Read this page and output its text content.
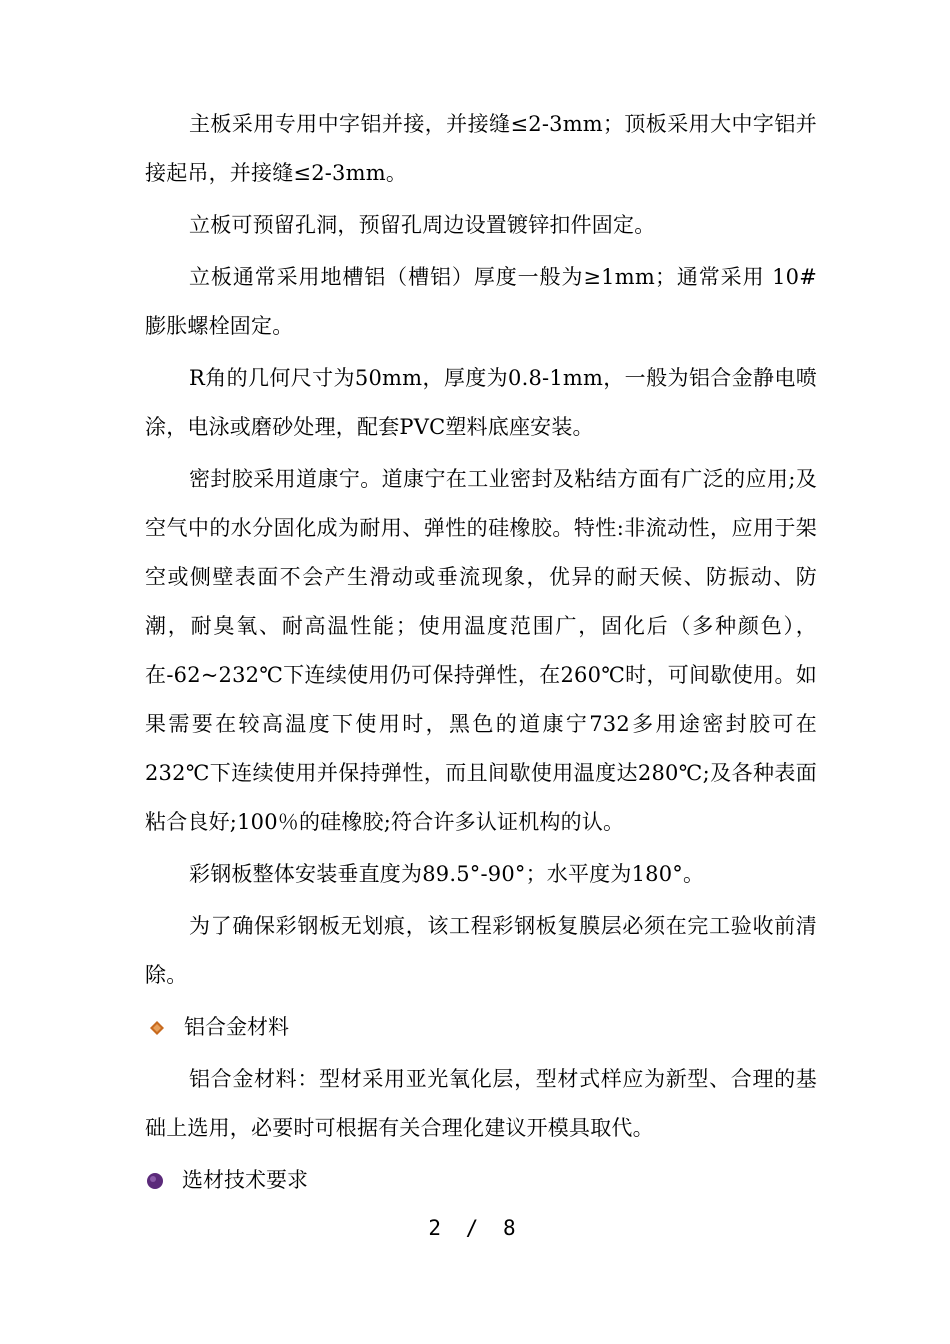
主板采用专用中字铝并接，并接缝≤2-3mm；顶板采用大中字铝并接起吊，并接缝≤2-3mm。

立板可预留孔洞，预留孔周边设置镀锌扣件固定。

立板通常采用地槽铝（槽铝）厚度一般为≥1mm；通常采用 10#膨胀螺栓固定。

R角的几何尺寸为50mm，厚度为0.8-1mm，一般为铝合金静电喷涂，电泳或磨砂处理，配套PVC塑料底座安装。

密封胶采用道康宁。道康宁在工业密封及粘结方面有广泛的应用;及空气中的水分固化成为耐用、弹性的硅橡胶。特性:非流动性，应用于架空或侧壁表面不会产生滑动或垂流现象，优异的耐天候、防振动、防潮，耐臭氧、耐高温性能；使用温度范围广，固化后（多种颜色），在-62~232℃下连续使用仍可保持弹性，在260℃时，可间歇使用。如果需要在较高温度下使用时，黑色的道康宁732多用途密封胶可在232℃下连续使用并保持弹性，而且间歇使用温度达280℃;及各种表面粘合良好;100％的硅橡胶;符合许多认证机构的认。

彩钢板整体安装垂直度为89.5°-90°；水平度为180°。

为了确保彩钢板无划痕，该工程彩钢板复膜层必须在完工验收前清除。

铝合金材料

铝合金材料：型材采用亚光氧化层，型材式样应为新型、合理的基础上选用，必要时可根据有关合理化建议开模具取代。

选材技术要求
2 / 8
